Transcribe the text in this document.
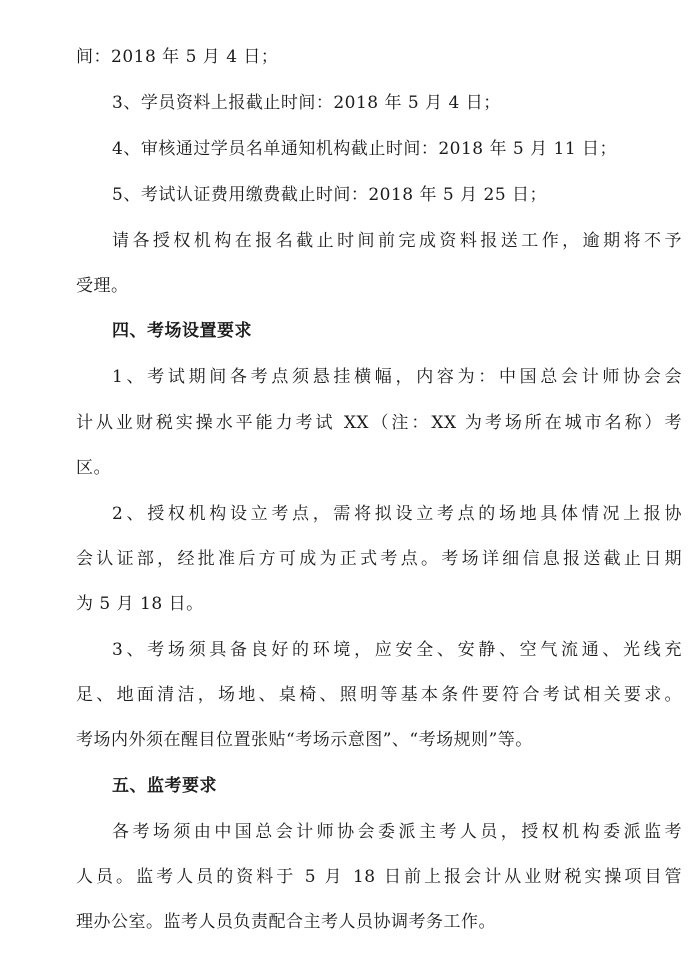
间：2018 年 5 月 4 日；
3、学员资料上报截止时间：2018 年 5 月 4 日；
4、审核通过学员名单通知机构截止时间：2018 年 5 月 11 日；
5、考试认证费用缴费截止时间：2018 年 5 月 25 日；
请各授权机构在报名截止时间前完成资料报送工作，逾期将不予
受理。
四、考场设置要求
1、考试期间各考点须悬挂横幅，内容为：中国总会计师协会会
计从业财税实操水平能力考试 XX（注：XX 为考场所在城市名称）考
区。
2、授权机构设立考点，需将拟设立考点的场地具体情况上报协
会认证部，经批准后方可成为正式考点。考场详细信息报送截止日期
为 5 月 18 日。
3、考场须具备良好的环境，应安全、安静、空气流通、光线充
足、地面清洁，场地、桌椅、照明等基本条件要符合考试相关要求。
考场内外须在醒目位置张贴“考场示意图”、“考场规则”等。
五、监考要求
各考场须由中国总会计师协会委派主考人员，授权机构委派监考
人员。监考人员的资料于 5 月 18 日前上报会计从业财税实操项目管
理办公室。监考人员负责配合主考人员协调考务工作。
